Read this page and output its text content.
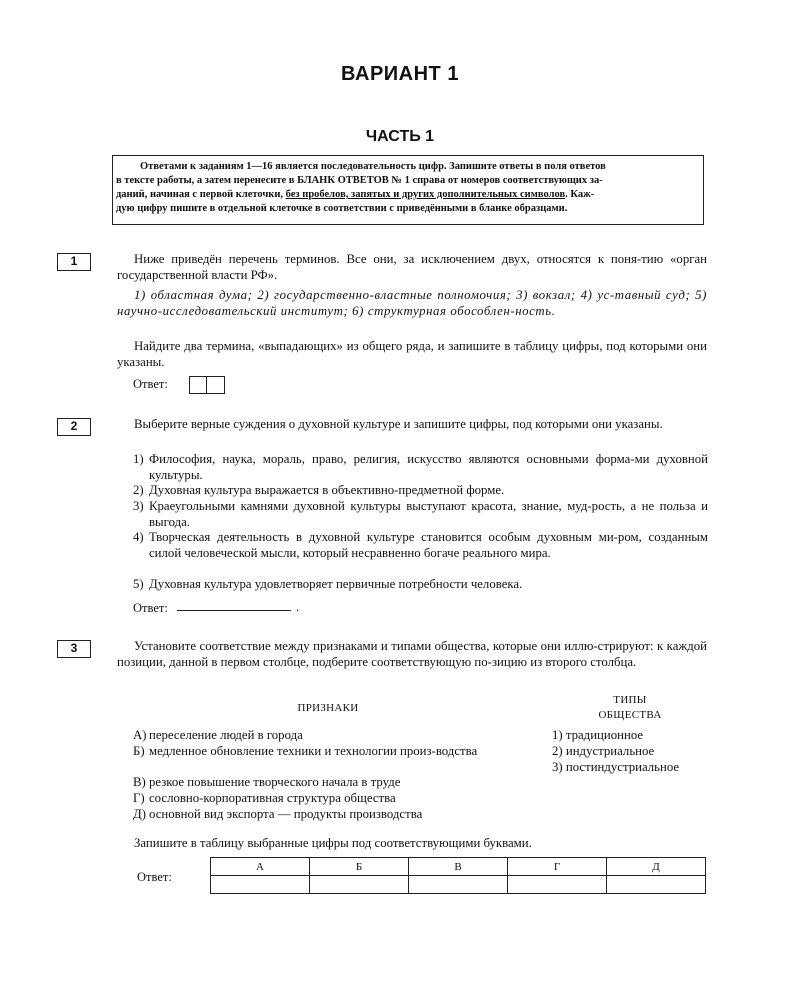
ВАРИАНТ 1
ЧАСТЬ 1
Ответами к заданиям 1—16 является последовательность цифр. Запишите ответы в поля ответов
в тексте работы, а затем перенесите в БЛАНК ОТВЕТОВ № 1 справа от номеров соответствующих за-
даний, начиная с первой клеточки, без пробелов, запятых и других дополнительных символов. Каж-
дую цифру пишите в отдельной клеточке в соответствии с приведёнными в бланке образцами.
1	Ниже приведён перечень терминов. Все они, за исключением двух, относятся к поня-тию «орган государственной власти РФ».
1) областная дума; 2) государственно-властные полномочия; 3) вокзал; 4) ус-тавный суд; 5) научно-исследовательский институт; 6) структурная обособлен-ность.
Найдите два термина, «выпадающих» из общего ряда, и запишите в таблицу цифры, под которыми они указаны.
Ответ:
2	Выберите верные суждения о духовной культуре и запишите цифры, под которыми они указаны.
1) Философия, наука, мораль, право, религия, искусство являются основными форма-ми духовной культуры.
2) Духовная культура выражается в объективно-предметной форме.
3) Краеугольными камнями духовной культуры выступают красота, знание, муд-рость, а не польза и выгода.
4) Творческая деятельность в духовной культуре становится особым духовным ми-ром, созданным силой человеческой мысли, который несравненно богаче реального мира.
5) Духовная культура удовлетворяет первичные потребности человека.
Ответ:	.
3	Установите соответствие между признаками и типами общества, которые они иллю-стрируют: к каждой позиции, данной в первом столбце, подберите соответствующую по-зицию из второго столбца.
ПРИЗНАКИ
ТИПЫ
ОБЩЕСТВА
А) переселение людей в города
Б) медленное обновление техники и технологии произ-водства
В) резкое повышение творческого начала в труде
Г) сословно-корпоративная структура общества
Д) основной вид экспорта — продукты производства
1) традиционное
2) индустриальное
3) постиндустриальное
Запишите в таблицу выбранные цифры под соответствующими буквами.
Ответ:
А	Б	В	Г	Д
